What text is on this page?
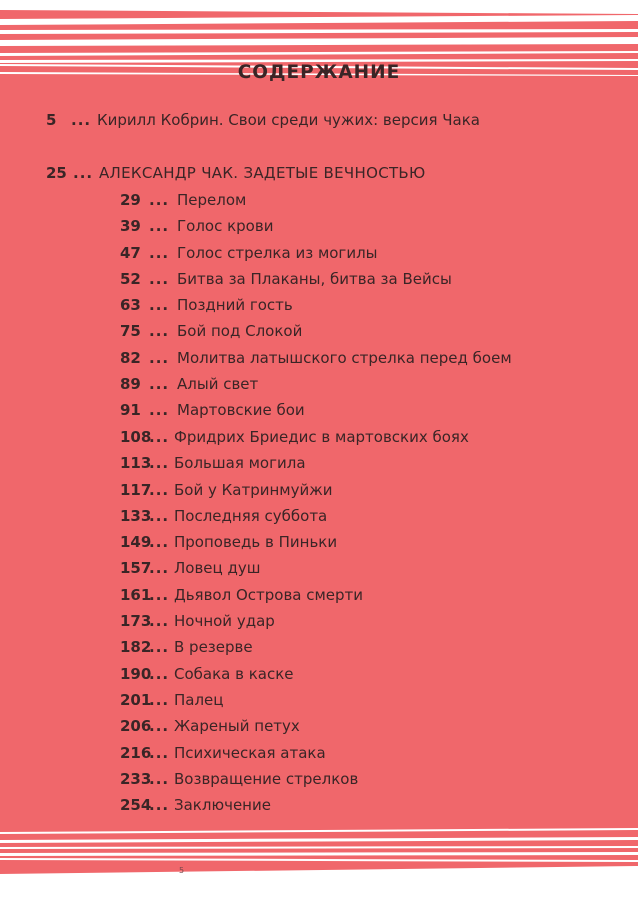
СОДЕРЖАНИЕ
5 ... Кирилл Кобрин. Свои среди чужих: версия Чака
25 ... АЛЕКСАНДР ЧАК. ЗАДЕТЫЕ ВЕЧНОСТЬЮ
29 ... Перелом
39 ... Голос крови
47 ... Голос стрелка из могилы
52 ... Битва за Плаканы, битва за Вейсы
63 ... Поздний гость
75 ... Бой под Слокой
82 ... Молитва латышского стрелка перед боем
89 ... Алый свет
91 ... Мартовские бои
108
... Фридрих Бриедис в мартовских боях
113
... Большая могила
117
... Бой у Катринмуйжи
133
... Последняя суббота
149
... Проповедь в Пиньки
157
... Ловец душ
161
... Дьявол Острова смерти
173
... Ночной удар
182
... В резерве
190
... Собака в каске
201
... Палец
206
... Жареный петух
216
... Психическая атака
233
... Возвращение стрелков
254
... Заключение
5
